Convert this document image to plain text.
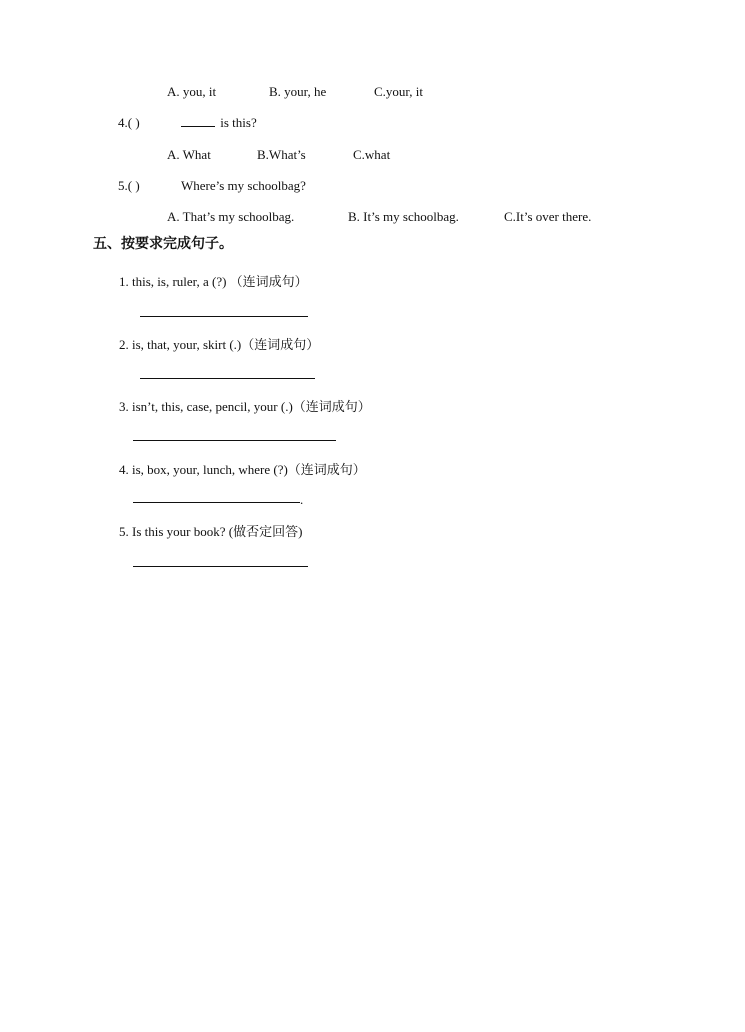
A. you, it	B. your, he	C.your, it
4.( )	is this?
A. What	B.What’s	C.what
5.( )	Where’s my schoolbag?
A. That’s my schoolbag.	B. It’s my schoolbag.	C.It’s over there.
五、按要求完成句子。
1. this, is, ruler, a (?) （连词成句）
2. is, that, your, skirt (.)（连词成句）
3. isn’t, this, case, pencil, your (.)（连词成句）
4. is, box, your, lunch, where (?)（连词成句）
.
5. Is this your book? (做否定回答)
